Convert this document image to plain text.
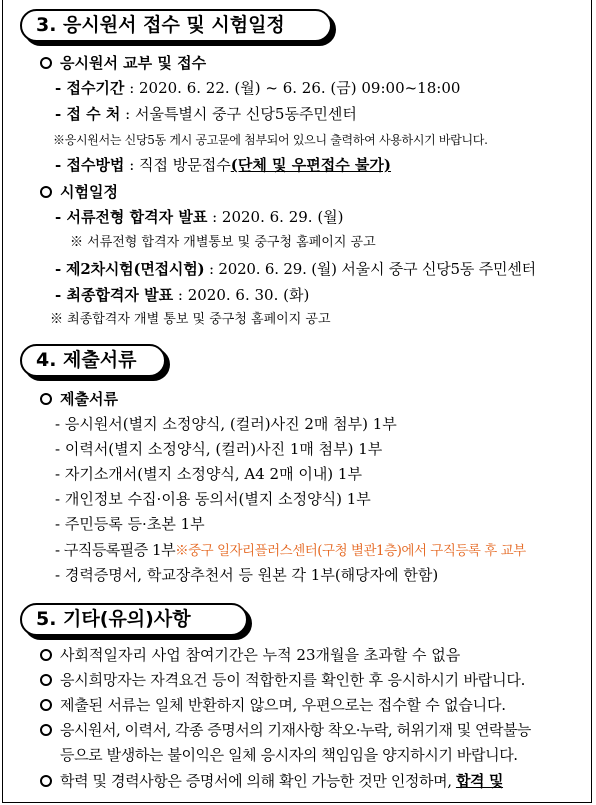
3. 응시원서 접수 및 시험일정
응시원서 교부 및 접수
- 접수기간 : 2020. 6. 22. (월) ~ 6. 26. (금) 09:00~18:00
- 접 수 처 : 서울특별시 중구 신당5동주민센터
※응시원서는 신당5동 게시 공고문에 첨부되어 있으니 출력하여 사용하시기 바랍니다.
- 접수방법 : 직접 방문접수(단체 및 우편접수 불가)
시험일정
- 서류전형 합격자 발표 : 2020. 6. 29. (월)
※ 서류전형 합격자 개별통보 및 중구청 홈페이지 공고
- 제2차시험(면접시험) : 2020. 6. 29. (월) 서울시 중구 신당5동 주민센터
- 최종합격자 발표 : 2020. 6. 30. (화)
※ 최종합격자 개별 통보 및 중구청 홈페이지 공고
4. 제출서류
제출서류
- 응시원서(별지 소정양식, (컬러)사진 2매 첨부) 1부
- 이력서(별지 소정양식, (컬러)사진 1매 첨부) 1부
- 자기소개서(별지 소정양식, A4 2매 이내) 1부
- 개인정보 수집·이용 동의서(별지 소정양식) 1부
- 주민등록 등·초본 1부
- 구직등록필증 1부※중구 일자리플러스센터(구청 별관1층)에서 구직등록 후 교부
- 경력증명서, 학교장추천서 등 원본 각 1부(해당자에 한함)
5. 기타(유의)사항
사회적일자리 사업 참여기간은 누적 23개월을 초과할 수 없음
응시희망자는 자격요건 등이 적합한지를 확인한 후 응시하시기 바랍니다.
제출된 서류는 일체 반환하지 않으며, 우편으로는 접수할 수 없습니다.
응시원서, 이력서, 각종 증명서의 기재사항 착오·누락, 허위기재 및 연락불능
등으로 발생하는 불이익은 일체 응시자의 책임임을 양지하시기 바랍니다.
학력 및 경력사항은 증명서에 의해 확인 가능한 것만 인정하며, 합격 및
